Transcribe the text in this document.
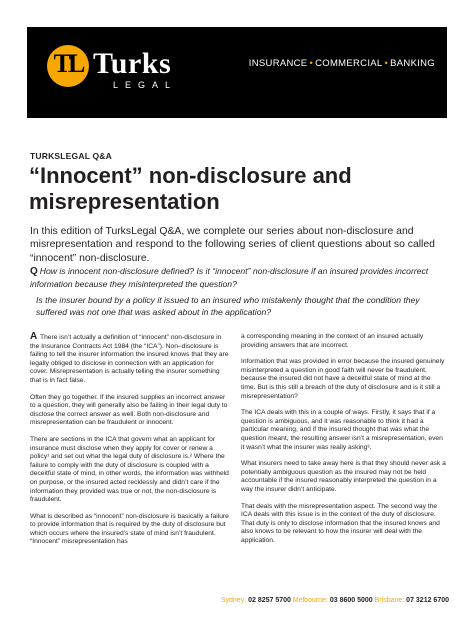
TL Turks
LEGAL
INSURANCE • COMMERCIAL • BANKING
TURKSLEGAL Q&A
“Innocent” non-disclosure and misrepresentation

In this edition of TurksLegal Q&A, we complete our series about non-disclosure and misrepresentation and respond to the following series of client questions about so called “innocent” non-disclosure.

Q How is innocent non-disclosure defined? Is it “innocent” non-disclosure if an insured provides incorrect information because they misinterpreted the question?

Is the insurer bound by a policy it issued to an insured who mistakenly thought that the condition they suffered was not one that was asked about in the application?

A There isn’t actually a definition of “innocent” non-disclosure in the Insurance Contracts Act 1984 (the “ICA”). Non–disclosure is failing to tell the insurer information the insured knows that they are legally obliged to disclose in connection with an application for cover. Misrepresentation is actually telling the insurer something that is in fact false.

Often they go together. If the insured supplies an incorrect answer to a question, they will generally also be failing in their legal duty to disclose the correct answer as well. Both non-disclosure and misrepresentation can be fraudulent or innocent.

There are sections in the ICA that govern what an applicant for insurance must disclose when they apply for cover or renew a policy¹ and set out what the legal duty of disclosure is.² Where the failure to comply with the duty of disclosure is coupled with a deceitful state of mind, in other words, the information was withheld on purpose, or the insured acted recklessly and didn’t care if the information they provided was true or not, the non-disclosure is fraudulent.

What is described as “innocent” non-disclosure is basically a failure to provide information that is required by the duty of disclosure but which occurs where the insured’s state of mind isn’t fraudulent. “Innocent” misrepresentation has

a corresponding meaning in the context of an insured actually providing answers that are incorrect.

Information that was provided in error because the insured genuinely misinterpreted a question in good faith will never be fraudulent, because the insured did not have a deceitful state of mind at the time. But is this still a breach of the duty of disclosure and is it still a misrepresentation?

The ICA deals with this in a couple of ways. Firstly, it says that if a question is ambiguous, and it was reasonable to think it had a particular meaning, and if the insured thought that was what the question meant, the resulting answer isn’t a misrepresentation, even it wasn’t what the insurer was really asking³.

What insurers need to take away here is that they should never ask a potentially ambiguous question as the insured may not be held accountable if the insured reasonably interpreted the question in a way the insurer didn’t anticipate.

That deals with the misrepresentation aspect. The second way the ICA deals with this issue is in the context of the duty of disclosure. That duty is only to disclose information that the insured knows and also knows to be relevant to how the insurer will deal with the application.

Sydney: 02 8257 5700 Melbourne: 03 8600 5000 Brisbane: 07 3212 6700
